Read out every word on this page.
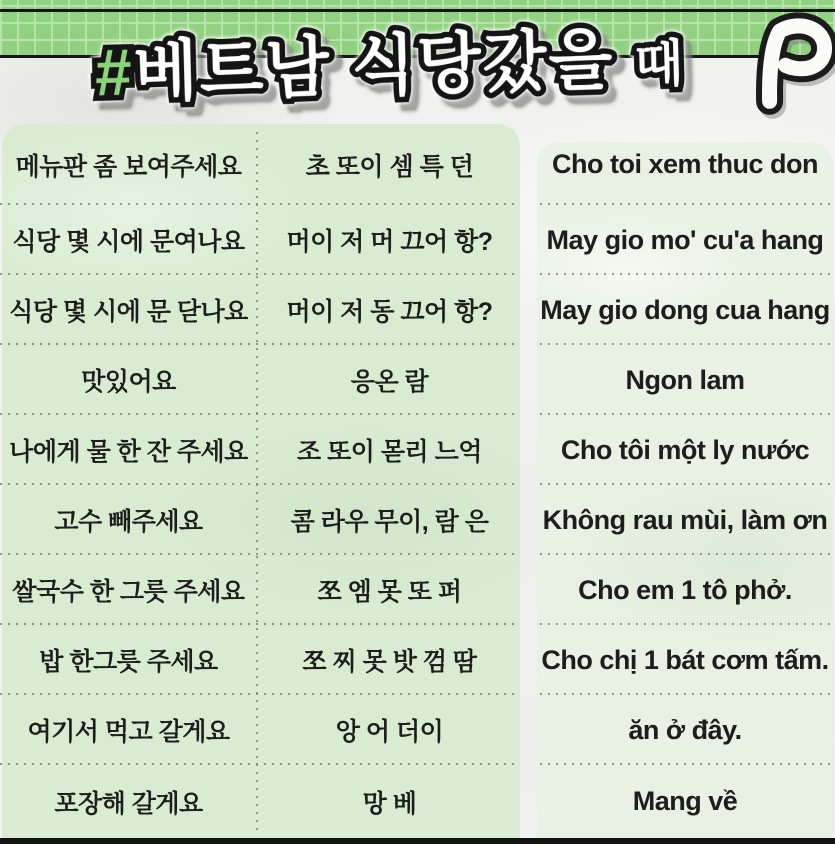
#베트남 식당갔을 때
메뉴판 좀 보여주세요	초 또이 셈 특 던	Cho toi xem thuc don
식당 몇 시에 문여나요	머이 저 머 끄어 항?	May gio mo' cu'a hang
식당 몇 시에 문 닫나요	머이 저 동 끄어 항?	May gio dong cua hang
맛있어요	응온 람	Ngon lam
나에게 물 한 잔 주세요	조 또이 몯리 느억	Cho tôi một ly nước
고수 빼주세요	콤 라우 무이, 람 은	Không rau mùi, làm ơn
쌀국수 한 그릇 주세요	쪼 엠 못 또 퍼	Cho em 1 tô phở.
밥 한그릇 주세요	쪼 찌 못 밧 껌 땀	Cho chị 1 bát cơm tấm.
여기서 먹고 갈게요	앙 어 더이	ăn ở đây.
포장해 갈게요	망 베	Mang về
